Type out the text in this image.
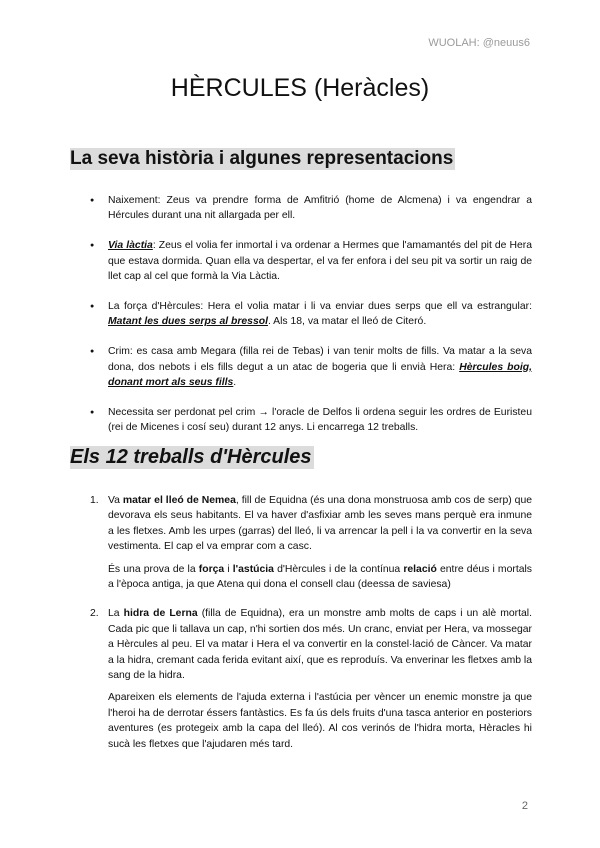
WUOLAH: @neuus6
HÈRCULES (Heràcles)
La seva història i algunes representacions
● Naixement: Zeus va prendre forma de Amfitrió (home de Alcmena) i va engendrar a Hércules durant una nit allargada per ell.
● Via làctia: Zeus el volia fer inmortal i va ordenar a Hermes que l'amamantés del pit de Hera que estava dormida. Quan ella va despertar, el va fer enfora i del seu pit va sortir un raig de llet cap al cel que formà la Via Làctia.
● La força d'Hèrcules: Hera el volia matar i li va enviar dues serps que ell va estrangular: Matant les dues serps al bressol. Als 18, va matar el lleó de Citeró.
● Crim: es casa amb Megara (filla rei de Tebas) i van tenir molts de fills. Va matar a la seva dona, dos nebots i els fills degut a un atac de bogeria que li envià Hera: Hèrcules boig, donant mort als seus fills.
● Necessita ser perdonat pel crim → l'oracle de Delfos li ordena seguir les ordres de Euristeu (rei de Micenes i cosí seu) durant 12 anys. Li encarrega 12 treballs.
Els 12 treballs d'Hèrcules
1. Va matar el lleó de Nemea, fill de Equidna (és una dona monstruosa amb cos de serp) que devorava els seus habitants. El va haver d'asfixiar amb les seves mans perquè era inmune a les fletxes. Amb les urpes (garras) del lleó, li va arrencar la pell i la va convertir en la seva vestimenta. El cap el va emprar com a casc.

És una prova de la força i l'astúcia d'Hèrcules i de la contínua relació entre déus i mortals a l'època antiga, ja que Atena qui dona el consell clau (deessa de saviesa)

2. La hidra de Lerna (filla de Equidna), era un monstre amb molts de caps i un alè mortal. Cada pic que li tallava un cap, n'hi sortien dos més. Un cranc, enviat per Hera, va mossegar a Hèrcules al peu. El va matar i Hera el va convertir en la constel·lació de Càncer. Va matar a la hidra, cremant cada ferida evitant així, que es reproduís. Va enverinar les fletxes amb la sang de la hidra.

Apareixen els elements de l'ajuda externa i l'astúcia per vèncer un enemic monstre ja que l'heroi ha de derrotar éssers fantàstics. Es fa ús dels fruits d'una tasca anterior en posteriors aventures (es protegeix amb la capa del lleó). Al cos verinós de l'hidra morta, Hèracles hi sucà les fletxes que l'ajudaren més tard.

2
